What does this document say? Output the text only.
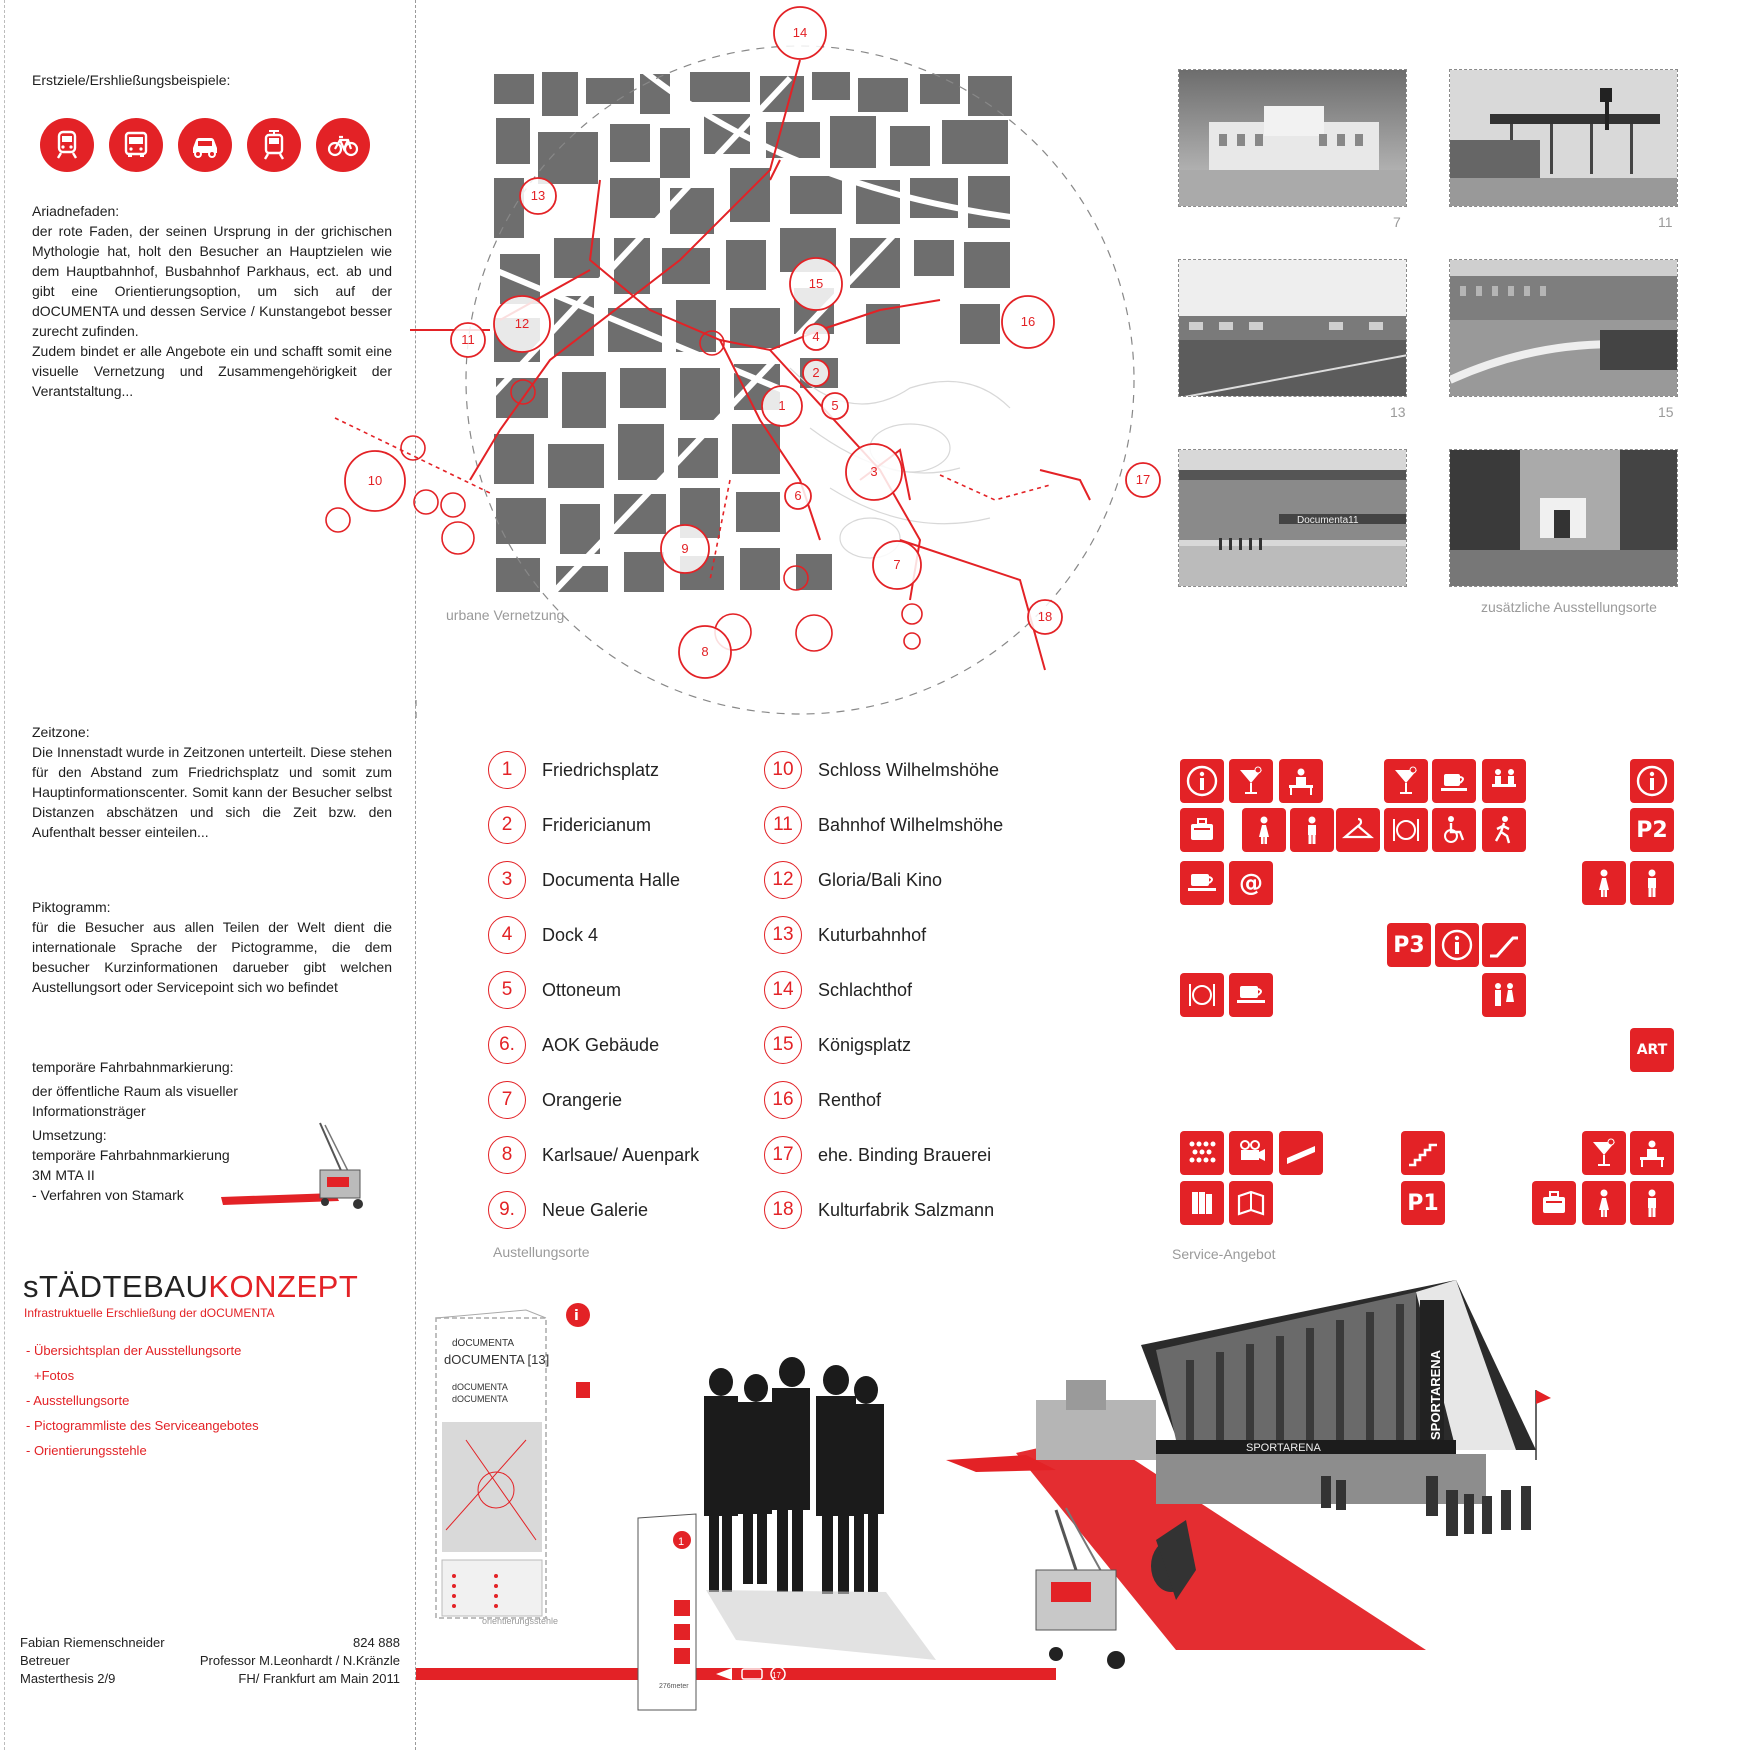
Erstziele/Ershließungsbeispiele:
Ariadnefaden:
der rote Faden, der seinen Ursprung in der grichischen Mythologie hat, holt den Besucher an Hauptzielen wie dem Hauptbahnhof, Busbahnhof Parkhaus, ect. ab und gibt eine Orientierungsoption, um sich auf der dOCUMENTA und dessen Service / Kunstangebot besser zurecht zufinden.
Zudem bindet er alle Angebote ein und schafft somit eine visuelle Vernetzung und Zusammengehörigkeit der Verantstaltung...
Zeitzone:
Die Innenstadt wurde in Zeitzonen unterteilt. Diese stehen für den Abstand zum Friedrichsplatz und somit zum Hauptinformationscenter. Somit kann der Besucher selbst Distanzen abschätzen und sich die Zeit bzw. den Aufenthalt besser einteilen...
Piktogramm:
für die Besucher aus allen Teilen der Welt dient die internationale Sprache der Pictogramme, die dem besucher Kurzinformationen darueber gibt welchen Austellungsort oder Servicepoint sich wo befindet
temporäre Fahrbahnmarkierung:
der öffentliche Raum als visueller Informationsträger
Umsetzung:
temporäre Fahrbahnmarkierung
3M MTA II
- Verfahren von Stamark
sTÄDTEBAUKONZEPT
Infrastruktuelle Erschließung der dOCUMENTA
- Übersichtsplan der Ausstellungsorte
+Fotos
- Ausstellungsorte
- Pictogrammliste des Serviceangebotes
- Orientierungsstehle
Fabian Riemenschneider	824 888
Betreuer	Professor M.Leonhardt / N.Kränzle
Masterthesis 2/9	FH/ Frankfurt am Main 2011
1
2
3
4
5
6
7
8
9
10
11
12
13
14
15
16
17
18
urbane Vernetzung
7	11
13	15
Documenta11
zusätzliche Ausstellungsorte
1	Friedrichsplatz
2	Fridericianum
3	Documenta Halle
4	Dock 4
5	Ottoneum
6.	AOK Gebäude
7	Orangerie
8	Karlsaue/ Auenpark
9.	Neue Galerie
10	Schloss Wilhelmshöhe
11	Bahnhof Wilhelmshöhe
12	Gloria/Bali Kino
13	Kuturbahnhof
14	Schlachthof
15	Königsplatz
16	Renthof
17	ehe. Binding Brauerei
18	Kulturfabrik Salzmann
Austellungsorte
P2
@
P3
ART
P1
Service-Angebot
17
i
dOCUMENTA
dOCUMENTA [13]
dOCUMENTA
dOCUMENTA
orientierungsstehle
1
276meter
SPORTARENA
SPORTARENA
